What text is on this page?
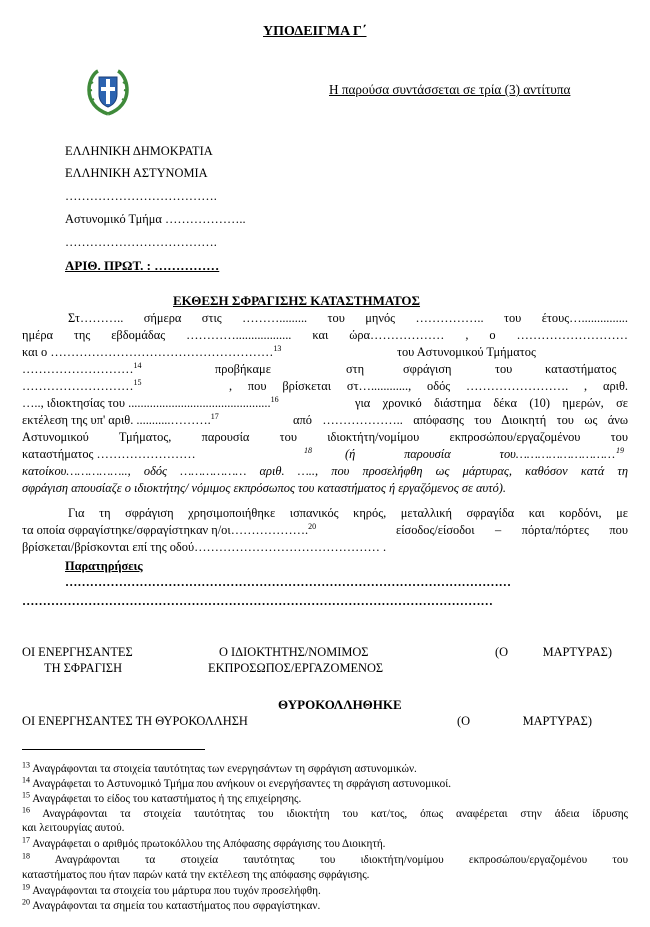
ΥΠΟΔΕΙΓΜΑ Γ΄
Η παρούσα συντάσσεται σε τρία (3) αντίτυπα
ΕΛΛΗΝΙΚΗ ΔΗΜΟΚΡΑΤΙΑ
ΕΛΛΗΝΙΚΗ ΑΣΤΥΝΟΜΙΑ
……………………………….
Αστυνομικό Τμήμα ………………..
……………………………….
ΑΡΙΘ. ΠΡΩΤ. : ……………
ΕΚΘΕΣΗ ΣΦΡΑΓΙΣΗΣ ΚΑΤΑΣΤΗΜΑΤΟΣ
Στ……….. σήμερα στις ………......... του μηνός …………….. του έτους…...............
ημέρα της εβδομάδας ………….................. και ώρα……………… , ο ………………………
και ο ………………………………………………$^{13}$	του Αστυνομικού Τμήματος
………………………$^{14}$	προβήκαμε	στη	σφράγιση	του	καταστήματος
………………………$^{15}$	, που βρίσκεται στ…............, οδός ……………………. , αριθ.
….., ιδιοκτησίας του ..............................................$^{16}$	για χρονικό διάστημα δέκα (10) ημερών, σε
εκτέλεση της υπ' αριθ. ...........……….$^{17}$	από ……………….. απόφασης του Διοικητή του ως άνω
Αστυνομικού Τμήματος, παρουσία του ιδιοκτήτη/νομίμου εκπροσώπου/εργαζομένου του
καταστήματος ……………………	$^{18}$	(ή παρουσία του……………………… $^{19}$
κατοίκου…………….., οδός ……………… αριθ. ….., που προσελήφθη ως μάρτυρας, καθόσον κατά τη
σφράγιση απουσίαζε ο ιδιοκτήτης/ νόμιμος εκπρόσωπος του καταστήματος ή εργαζόμενος σε αυτό).
Για τη σφράγιση χρησιμοποιήθηκε ισπανικός κηρός, μεταλλική σφραγίδα και κορδόνι, με
τα οποία σφραγίστηκε/σφραγίστηκαν η/οι……………….$^{20}$	είσοδος/είσοδοι – πόρτα/πόρτες που
βρίσκεται/βρίσκονται επί της οδού……………………………………… .
Παρατηρήσεις
………………………………………………………………………………………………
……………………………………………………………………………………………………
ΟΙ ΕΝΕΡΓΗΣΑΝΤΕΣ
ΤΗ ΣΦΡΑΓΙΣΗ
Ο ΙΔΙΟΚΤΗΤΗΣ/ΝΟΜΙΜΟΣ
ΕΚΠΡΟΣΩΠΟΣ/ΕΡΓΑΖΟΜΕΝΟΣ
(Ο ΜΑΡΤΥΡΑΣ)
ΘΥΡΟΚΟΛΛΗΘΗΚΕ
ΟΙ ΕΝΕΡΓΗΣΑΝΤΕΣ ΤΗ ΘΥΡΟΚΟΛΛΗΣΗ	(Ο ΜΑΡΤΥΡΑΣ)
$^{13}$ Αναγράφονται τα στοιχεία ταυτότητας των ενεργησάντων τη σφράγιση αστυνομικών.
$^{14}$ Αναγράφεται το Αστυνομικό Τμήμα που ανήκουν οι ενεργήσαντες τη σφράγιση αστυνομικοί.
$^{15}$ Αναγράφεται το είδος του καταστήματος ή της επιχείρησης.
$^{16}$ Αναγράφονται τα στοιχεία ταυτότητας του ιδιοκτήτη του κατ/τος, όπως αναφέρεται στην άδεια ίδρυσης
και λειτουργίας αυτού.
$^{17}$ Αναγράφεται ο αριθμός πρωτοκόλλου της Απόφασης σφράγισης του Διοικητή.
$^{18}$ Αναγράφονται τα στοιχεία ταυτότητας του ιδιοκτήτη/νομίμου εκπροσώπου/εργαζομένου του
καταστήματος που ήταν παρών κατά την εκτέλεση της απόφασης σφράγισης.
$^{19}$ Αναγράφονται τα στοιχεία του μάρτυρα που τυχόν προσελήφθη.
$^{20}$ Αναγράφονται τα σημεία του καταστήματος που σφραγίστηκαν.
